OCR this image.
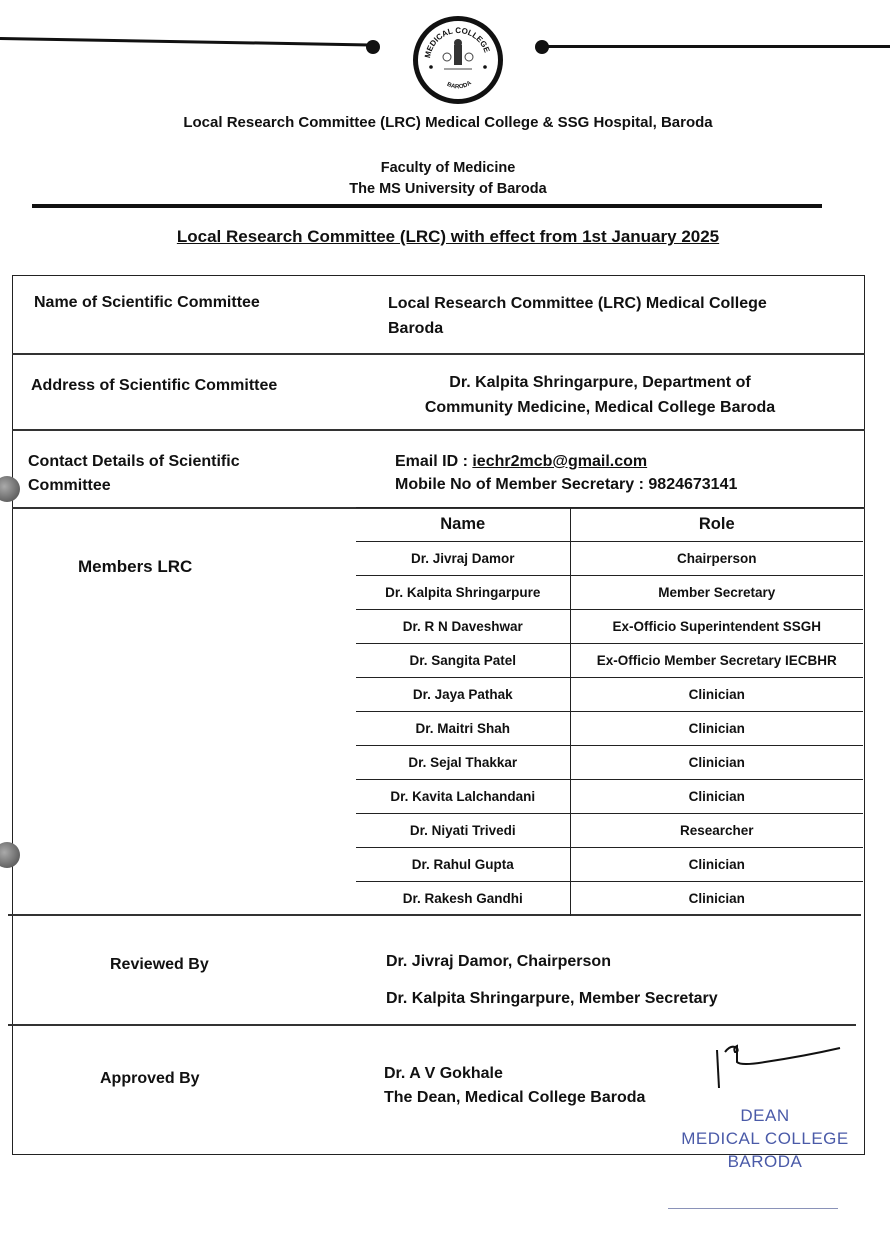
MEDICAL COLLEGE
BARODA
Local Research Committee (LRC) Medical College & SSG Hospital, Baroda
Faculty of Medicine
The MS University of Baroda
Local Research Committee (LRC) with effect from 1st January 2025
Name of Scientific Committee	Local Research Committee (LRC) Medical College
Baroda
Address of Scientific Committee	Dr. Kalpita Shringarpure, Department of
Community Medicine, Medical College Baroda
Contact Details of Scientific
Committee
Email ID : iechr2mcb@gmail.com
Mobile No of Member Secretary : 9824673141
Members LRC
Name	Role
Dr. Jivraj Damor	Chairperson
Dr. Kalpita Shringarpure	Member Secretary
Dr. R N Daveshwar	Ex-Officio Superintendent SSGH
Dr. Sangita Patel	Ex-Officio Member Secretary IECBHR
Dr. Jaya Pathak	Clinician
Dr. Maitri Shah	Clinician
Dr. Sejal Thakkar	Clinician
Dr. Kavita Lalchandani	Clinician
Dr. Niyati Trivedi	Researcher
Dr. Rahul Gupta	Clinician
Dr. Rakesh Gandhi	Clinician
Reviewed By	Dr. Jivraj Damor, Chairperson
Dr. Kalpita Shringarpure, Member Secretary
Approved By	Dr. A V Gokhale
The Dean, Medical College Baroda
DEAN
MEDICAL COLLEGE
BARODA
